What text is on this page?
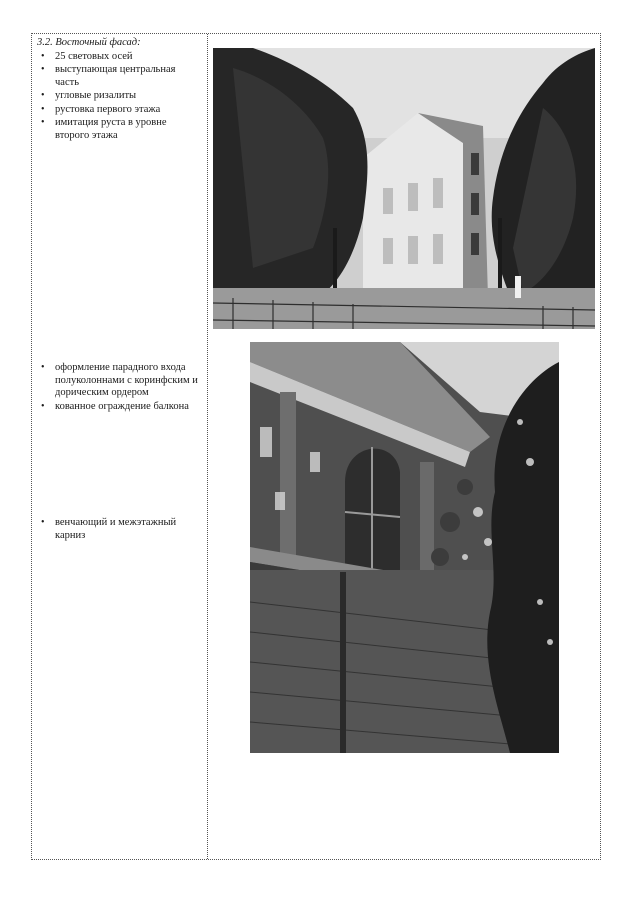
3.2. Восточный фасад:
• 25 световых осей
• выступающая центральная часть
• угловые ризалиты
• рустовка первого этажа
• имитация руста в уровне второго этажа
• оформление парадного входа полуколоннами с коринфским и дорическим ордером
• кованное ограждение балкона
• венчающий и межэтажный карниз
